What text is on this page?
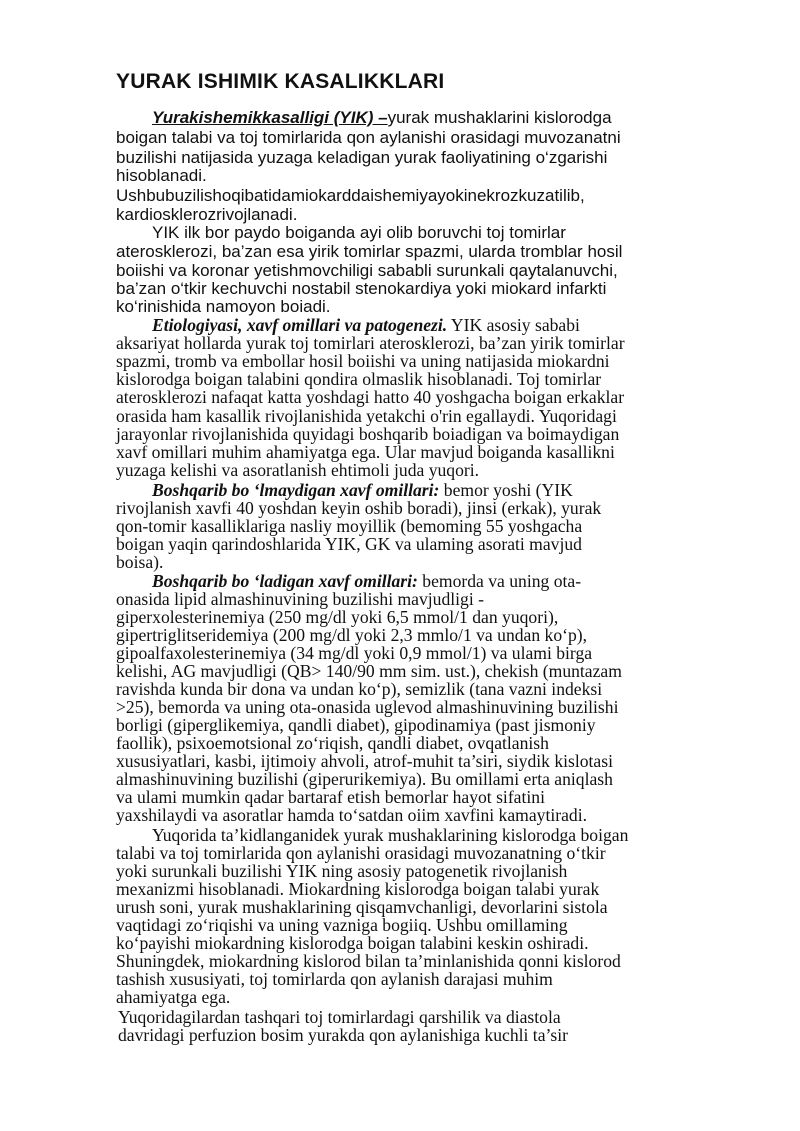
YURAK ISHIMIK KASALIKKLARI
Yurakishemikkasalligi (YIK) –yurak mushaklarini kislorodga
boigan talabi va toj tomirlarida qon aylanishi orasidagi muvozanatni
buzilishi natijasida yuzaga keladigan yurak faoliyatining o‘zgarishi
hisoblanadi.
Ushbubuzilishoqibatidamiokarddaishemiyayokinekrozkuzatilib,
kardiosklerozrivojlanadi.
YIK ilk bor paydo boiganda ayi olib boruvchi toj tomirlar
aterosklerozi, ba’zan esa yirik tomirlar spazmi, ularda tromblar hosil
boiishi va koronar yetishmovchiligi sababli surunkali qaytalanuvchi,
ba’zan o‘tkir kechuvchi nostabil stenokardiya yoki miokard infarkti
ko‘rinishida namoyon boiadi.
Etiologiyasi, xavf omillari va patogenezi. YIK asosiy sababi
aksariyat hollarda yurak toj tomirlari aterosklerozi, ba’zan yirik tomirlar
spazmi, tromb va embollar hosil boiishi va uning natijasida miokardni
kislorodga boigan talabini qondira olmaslik hisoblanadi. Toj tomirlar
aterosklerozi nafaqat katta yoshdagi hatto 40 yoshgacha boigan erkaklar
orasida ham kasallik rivojlanishida yetakchi o'rin egallaydi. Yuqoridagi
jarayonlar rivojlanishida quyidagi boshqarib boiadigan va boimaydigan
xavf omillari muhim ahamiyatga ega. Ular mavjud boiganda kasallikni
yuzaga kelishi va asoratlanish ehtimoli juda yuqori.
Boshqarib bo ‘lmaydigan xavf omillari: bemor yoshi (YIK
rivojlanish xavfi 40 yoshdan keyin oshib boradi), jinsi (erkak), yurak
qon-tomir kasalliklariga nasliy moyillik (bemoming 55 yoshgacha
boigan yaqin qarindoshlarida YIK, GK va ulaming asorati mavjud
boisa).
Boshqarib bo ‘ladigan xavf omillari: bemorda va uning ota-
onasida lipid almashinuvining buzilishi mavjudligi -
giperxolesterinemiya (250 mg/dl yoki 6,5 mmol/1 dan yuqori),
gipertriglitseridemiya (200 mg/dl yoki 2,3 mmlo/1 va undan ko‘p),
gipoalfaxolesterinemiya (34 mg/dl yoki 0,9 mmol/1) va ulami birga
kelishi, AG mavjudligi (QB> 140/90 mm sim. ust.), chekish (muntazam
ravishda kunda bir dona va undan ko‘p), semizlik (tana vazni indeksi
>25), bemorda va uning ota-onasida uglevod almashinuvining buzilishi
borligi (giperglikemiya, qandli diabet), gipodinamiya (past jismoniy
faollik), psixoemotsional zo‘riqish, qandli diabet, ovqatlanish
xususiyatlari, kasbi, ijtimoiy ahvoli, atrof-muhit ta’siri, siydik kislotasi
almashinuvining buzilishi (giperurikemiya). Bu omillami erta aniqlash
va ulami mumkin qadar bartaraf etish bemorlar hayot sifatini
yaxshilaydi va asoratlar hamda to‘satdan oiim xavfini kamaytiradi.
Yuqorida ta’kidlanganidek yurak mushaklarining kislorodga boigan
talabi va toj tomirlarida qon aylanishi orasidagi muvozanatning o‘tkir
yoki surunkali buzilishi YIK ning asosiy patogenetik rivojlanish
mexanizmi hisoblanadi. Miokardning kislorodga boigan talabi yurak
urush soni, yurak mushaklarining qisqamvchanligi, devorlarini sistola
vaqtidagi zo‘riqishi va uning vazniga bogiiq. Ushbu omillaming
ko‘payishi miokardning kislorodga boigan talabini keskin oshiradi.
Shuningdek, miokardning kislorod bilan ta’minlanishida qonni kislorod
tashish xususiyati, toj tomirlarda qon aylanish darajasi muhim
ahamiyatga ega.
Yuqoridagilardan tashqari toj tomirlardagi qarshilik va diastola
davridagi perfuzion bosim yurakda qon aylanishiga kuchli ta’sir
